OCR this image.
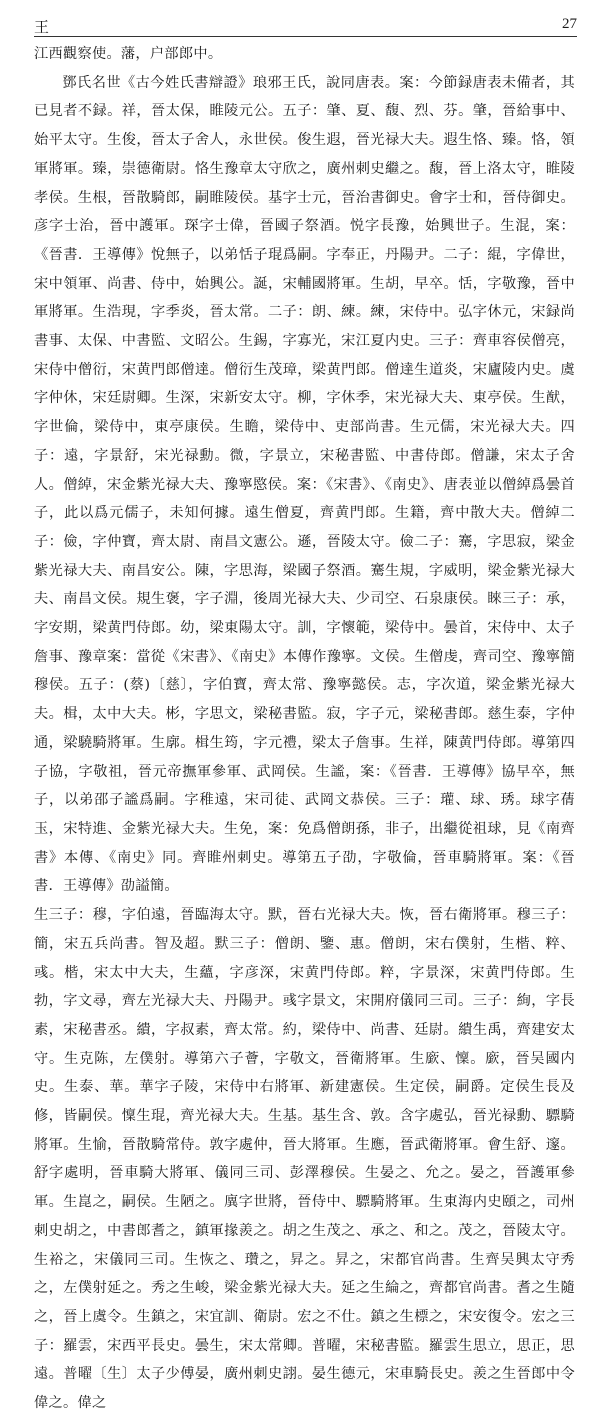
王	27

江西觀察使。藩，户部郎中。

鄧氏名世《古今姓氏書辯證》琅邪王氏，說同唐表。案：今節録唐表未備者，其已見者不録。祥，晉太保，睢陵元公。五子：肇、夏、馥、烈、芬。肇，晉給事中、始平太守。生俊，晉太子舍人，永世侯。俊生遐，晉光禄大夫。遐生恪、臻。恪，領軍將軍。臻，崇德衛尉。恪生豫章太守欣之，廣州刺史繼之。馥，晉上洛太守，睢陵孝侯。生根，晉散騎郎，嗣睢陵侯。基字士元，晉治書御史。會字士和，晉侍御史。彦字士治，晉中護軍。琛字士偉，晉國子祭酒。悦字長豫，始興世子。生混，案：《晉書．王導傳》悅無子，以弟恬子琨爲嗣。字奉正，丹陽尹。二子：緄，字偉世，宋中領軍、尚書、侍中，始興公。誕，宋輔國將軍。生胡，早卒。恬，字敬豫，晉中軍將軍。生浩現，字季炎，晉太常。二子：朗、練。練，宋侍中。弘字休元，宋録尚書事、太保、中書監、文昭公。生錫，字寡光，宋江夏内史。三子：齊車容侯僧亮，宋侍中僧衍，宋黄門郎僧達。僧衍生茂璋，梁黄門郎。僧達生道炎，宋廬陵内史。虞字仲休，宋廷尉卿。生深，宋新安太守。柳，字休季，宋光禄大夫、東亭侯。生猷，字世倫，梁侍中，東亭康侯。生瞻，梁侍中、吏部尚書。生元儒，宋光禄大夫。四子：遠，字景舒，宋光禄勳。微，字景立，宋秘書監、中書侍郎。僧謙，宋太子舍人。僧綽，宋金紫光禄大夫、豫寧愍侯。案：《宋書》、《南史》、唐表並以僧綽爲曇首子，此以爲元儒子，未知何據。遠生僧夏，齊黄門郎。生籍，齊中散大夫。僧綽二子：儉，字仲寶，齊太尉、南昌文憲公。遜，晉陵太守。儉二子：騫，字思寂，梁金紫光禄大夫、南昌安公。陳，字思海，梁國子祭酒。騫生規，字威明，梁金紫光禄大夫、南昌文侯。規生褒，字子淵，後周光禄大夫、少司空、石泉康侯。睞三子：承，字安期，梁黄門侍郎。幼，梁東陽太守。訓，字懷範，梁侍中。曇首，宋侍中、太子詹事、豫章案：當從《宋書》、《南史》本傳作豫寧。文侯。生僧虔，齊司空、豫寧簡穆侯。五子：(蔡)〔慈〕，字伯寶，齊太常、豫寧懿侯。志，字次道，梁金紫光禄大夫。楫，太中大夫。彬，字思文，梁秘書監。寂，字子元，梁秘書郎。慈生泰，字仲通，梁驍騎將軍。生廓。楫生筠，字元禮，梁太子詹事。生祥，陳黄門侍郎。導第四子協，字敬祖，晉元帝撫軍參軍、武岡侯。生謐，案：《晉書．王導傳》協早卒，無子，以弟邵子謐爲嗣。字稚遠，宋司徒、武岡文恭侯。三子：瓘、球、琇。球字蒨玉，宋特進、金紫光禄大夫。生免，案：免爲僧朗孫，非子，出繼從祖球，見《南齊書》本傳、《南史》同。齊睢州刺史。導第五子劭，字敬倫，晉車騎將軍。案：《晉書．王導傳》劭謚簡。

生三子：穆，字伯遠，晉臨海太守。默，晉右光禄大夫。恢，晉右衛將軍。穆三子：簡，宋五兵尚書。智及超。默三子：僧朗、鑒、惠。僧朗，宋右僕射，生楷、粹、彧。楷，宋太中大夫，生蘊，字彦深，宋黄門侍郎。粹，字景深，宋黄門侍郎。生勃，字文尋，齊左光禄大夫、丹陽尹。彧字景文，宋開府儀同三司。三子：絢，字長素，宋秘書丞。繢，字叔素，齊太常。約，梁侍中、尚書、廷尉。繢生禹，齊建安太守。生克陈，左僕射。導第六子薈，字敬文，晉衛將軍。生廞、懍。廞，晉吴國内史。生泰、華。華字子陵，宋侍中右將軍、新建憲侯。生定侯，嗣爵。定侯生長及修，皆嗣侯。懍生琨，齊光禄大夫。生基。基生含、敦。含字處弘，晉光禄勳、驃騎將軍。生愉，晉散騎常侍。敦字處仲，晉大將軍。生應，晉武衛將軍。會生舒、邃。舒字處明，晉車騎大將軍、儀同三司、彭澤穆侯。生晏之、允之。晏之，晉護軍參軍。生崑之，嗣侯。生陋之。廙字世將，晉侍中、驃騎將軍。生東海内史頤之，司州刺史胡之，中書郎耆之，鎮軍掾羨之。胡之生茂之、承之、和之。茂之，晉陵太守。生裕之，宋儀同三司。生恢之、瓚之，昇之。昇之，宋都官尚書。生齊吴興太守秀之，左僕射延之。秀之生峻，梁金紫光禄大夫。延之生綸之，齊都官尚書。耆之生隨之，晉上虞令。生鎮之，宋宜訓、衛尉。宏之不仕。鎮之生標之，宋安復令。宏之三子：羅雲，宋西平長史。曇生，宋太常卿。普曜，宋秘書監。羅雲生思立，思正，思遠。普曜〔生〕太子少傅晏，廣州刺史詡。晏生德元，宋車騎長史。羨之生晉郎中令偉之。偉之
